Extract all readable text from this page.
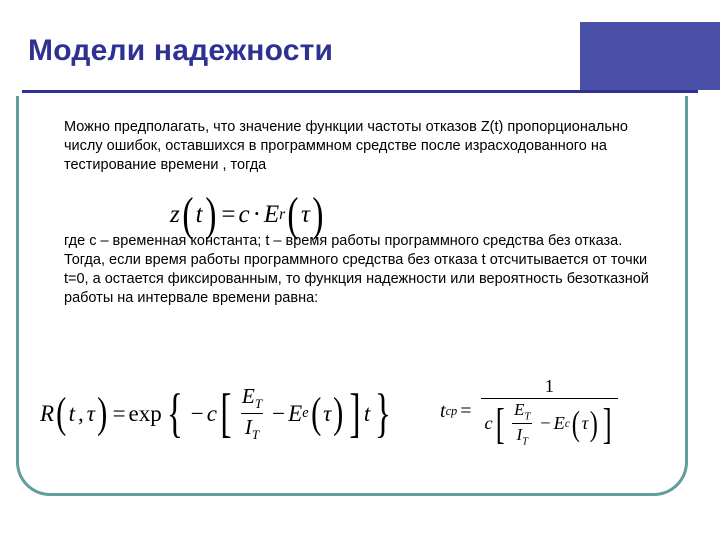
Модели надежности
Можно предполагать, что значение функции частоты отказов Z(t) пропорционально числу ошибок, оставшихся в программном средстве после израсходованного на тестирование времени , тогда
z ( t ) = c · E r ( τ )
где c – временная константа; t – время работы программного средства без отказа. Тогда, если время работы программного средства без отказа t отсчитывается от точки t=0, а остается фиксированным, то функция надежности или вероятность безотказной работы на интервале времени равна:
R ( t , τ ) = exp { − c [ $\frac{E_T}{I_T} - E$ e ( τ ) ] t } t ср =
1
c [ $\frac{E_T}{I_T} - E$ c ( τ ) ]
